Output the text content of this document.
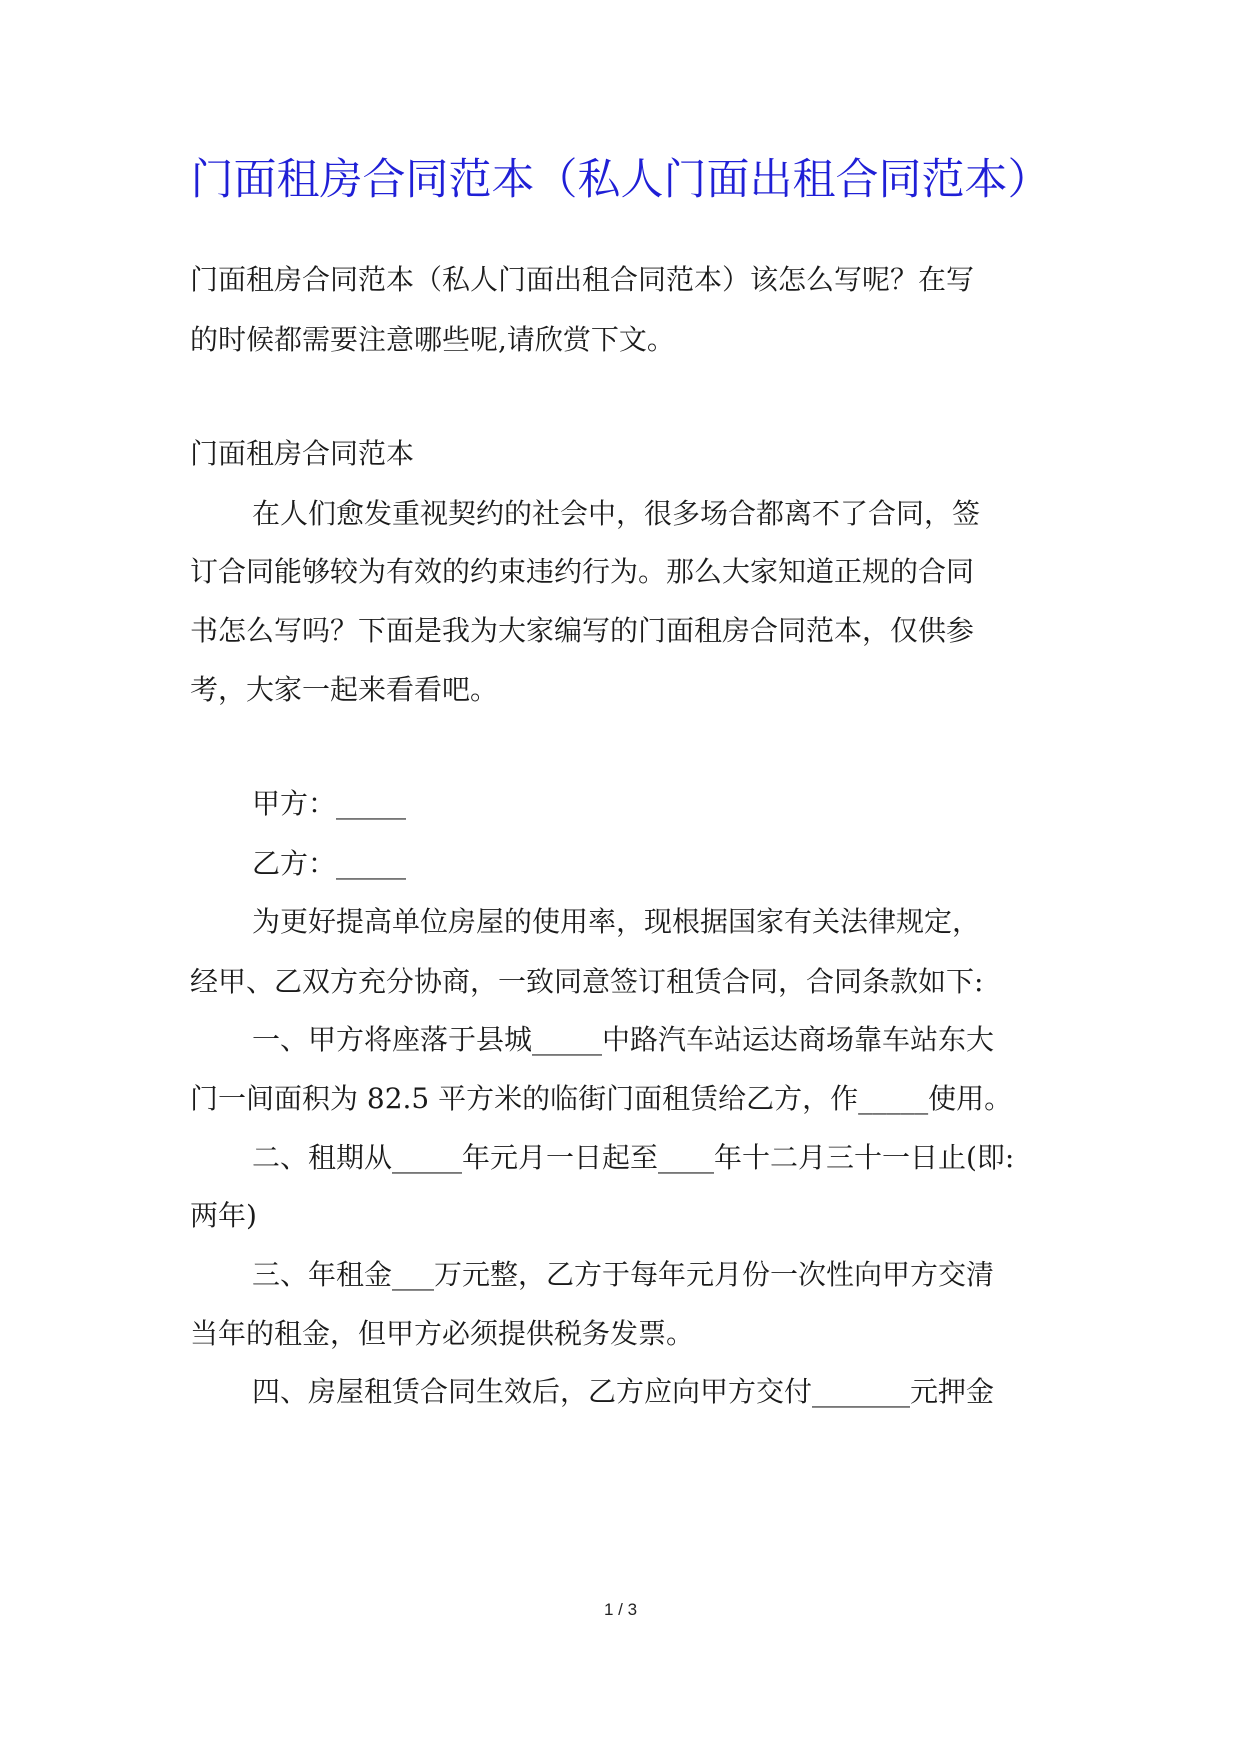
门面租房合同范本（私人门面出租合同范本）

门面租房合同范本（私人门面出租合同范本）该怎么写呢？在写

的时候都需要注意哪些呢,请欣赏下文。

门面租房合同范本

在人们愈发重视契约的社会中，很多场合都离不了合同，签

订合同能够较为有效的约束违约行为。那么大家知道正规的合同

书怎么写吗？下面是我为大家编写的门面租房合同范本，仅供参

考，大家一起来看看吧。

甲方：_____

乙方：_____

为更好提高单位房屋的使用率，现根据国家有关法律规定，

经甲、乙双方充分协商，一致同意签订租赁合同，合同条款如下:

一、甲方将座落于县城_____中路汽车站运达商场靠车站东大

门一间面积为 82.5 平方米的临街门面租赁给乙方，作_____使用。

二、租期从_____年元月一日起至____年十二月三十一日止(即:

两年)

三、年租金___万元整，乙方于每年元月份一次性向甲方交清

当年的租金，但甲方必须提供税务发票。

四、房屋租赁合同生效后，乙方应向甲方交付_______元押金

1 / 3
